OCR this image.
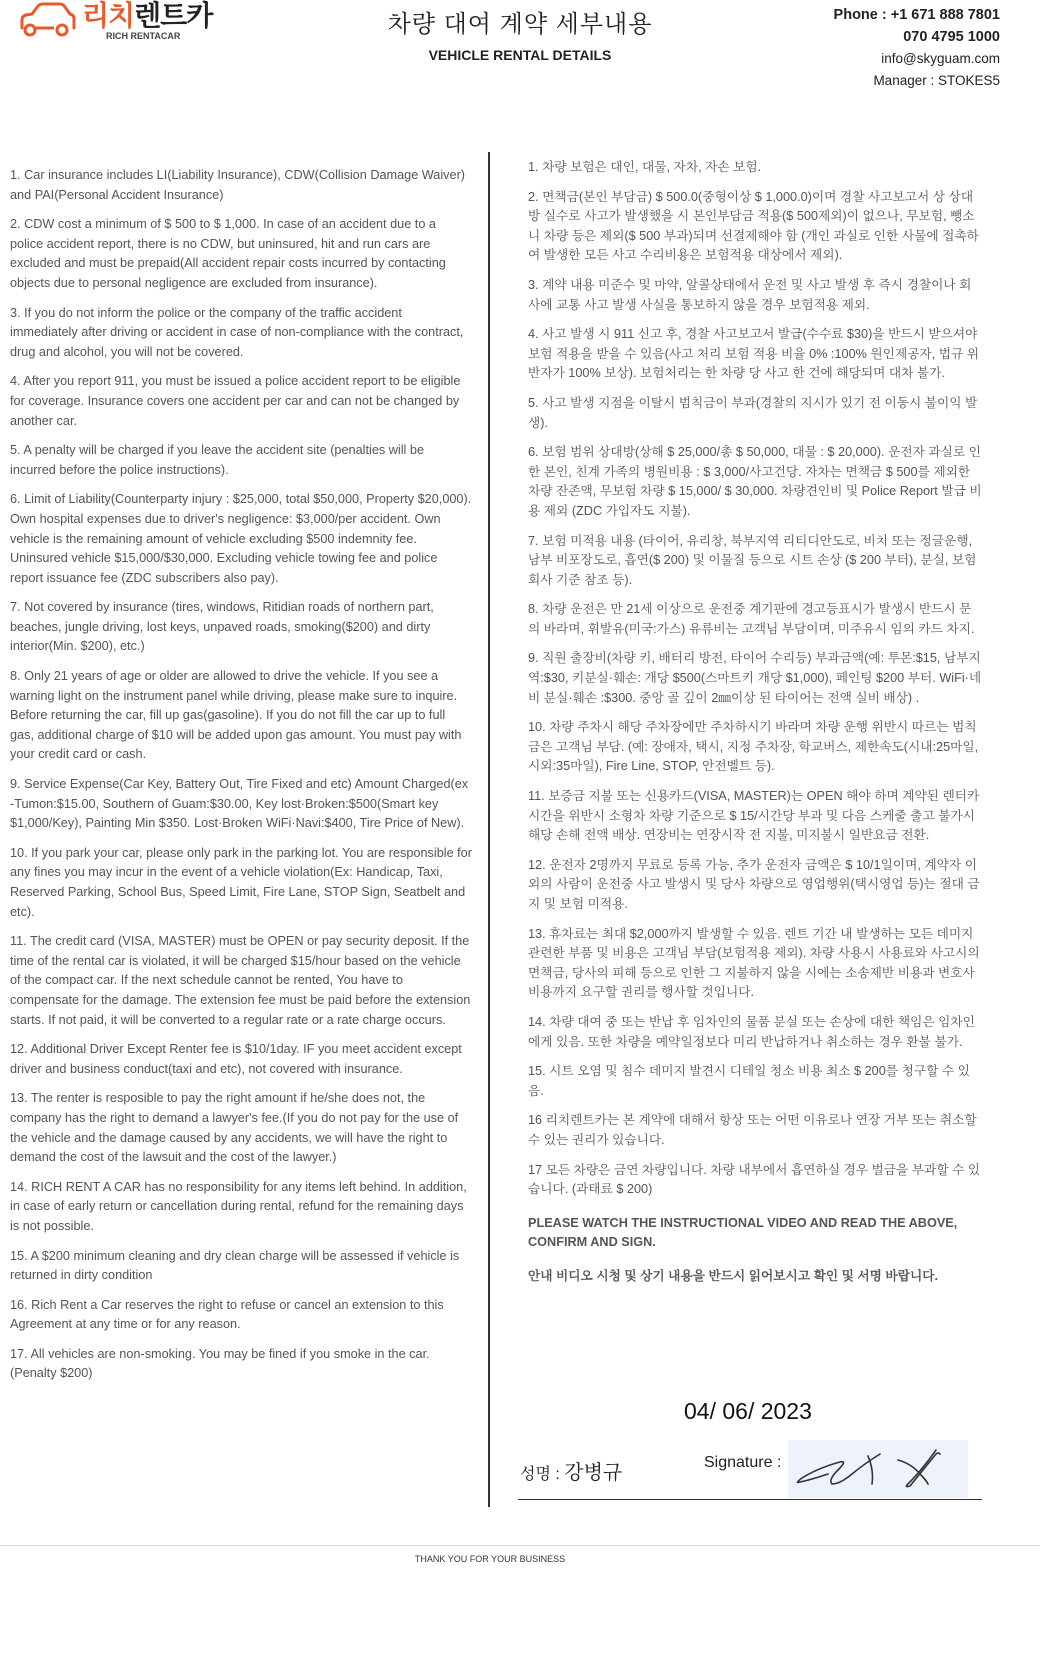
리치렌트카
RICH RENTACAR	차량 대여 계약 세부내용
VEHICLE RENTAL DETAILS
Phone : +1 671 888 7801
070 4795 1000
info@skyguam.com
Manager : STOKES5

1. Car insurance includes LI(Liability Insurance), CDW(Collision Damage Waiver) and PAI(Personal Accident Insurance)

2. CDW cost a minimum of $ 500 to $ 1,000. In case of an accident due to a police accident report, there is no CDW, but uninsured, hit and run cars are excluded and must be prepaid(All accident repair costs incurred by contacting objects due to personal negligence are excluded from insurance).

3. If you do not inform the police or the company of the traffic accident immediately after driving or accident in case of non-compliance with the contract, drug and alcohol, you will not be covered.

4. After you report 911, you must be issued a police accident report to be eligible for coverage. Insurance covers one accident per car and can not be changed by another car.

5. A penalty will be charged if you leave the accident site (penalties will be incurred before the police instructions).

6. Limit of Liability(Counterparty injury : $25,000, total $50,000, Property $20,000). Own hospital expenses due to driver's negligence: $3,000/per accident. Own vehicle is the remaining amount of vehicle excluding $500 indemnity fee. Uninsured vehicle $15,000/$30,000. Excluding vehicle towing fee and police report issuance fee (ZDC subscribers also pay).

7. Not covered by insurance (tires, windows, Ritidian roads of northern part, beaches, jungle driving, lost keys, unpaved roads, smoking($200) and dirty interior(Min. $200), etc.)

8. Only 21 years of age or older are allowed to drive the vehicle. If you see a warning light on the instrument panel while driving, please make sure to inquire. Before returning the car, fill up gas(gasoline). If you do not fill the car up to full gas, additional charge of $10 will be added upon gas amount. You must pay with your credit card or cash.

9. Service Expense(Car Key, Battery Out, Tire Fixed and etc) Amount Charged(ex -Tumon:$15.00, Southern of Guam:$30.00, Key lost·Broken:$500(Smart key $1,000/Key), Painting Min $350. Lost·Broken WiFi·Navi:$400, Tire Price of New).

10. If you park your car, please only park in the parking lot. You are responsible for any fines you may incur in the event of a vehicle violation(Ex: Handicap, Taxi, Reserved Parking, School Bus, Speed Limit, Fire Lane, STOP Sign, Seatbelt and etc).

11. The credit card (VISA, MASTER) must be OPEN or pay security deposit. If the time of the rental car is violated, it will be charged $15/hour based on the vehicle of the compact car. If the next schedule cannot be rented, You have to compensate for the damage. The extension fee must be paid before the extension starts. If not paid, it will be converted to a regular rate or a rate charge occurs.

12. Additional Driver Except Renter fee is $10/1day. IF you meet accident except driver and business conduct(taxi and etc), not covered with insurance.

13. The renter is resposible to pay the right amount if he/she does not, the company has the right to demand a lawyer's fee.(If you do not pay for the use of the vehicle and the damage caused by any accidents, we will have the right to demand the cost of the lawsuit and the cost of the lawyer.)

14. RICH RENT A CAR has no responsibility for any items left behind. In addition, in case of early return or cancellation during rental, refund for the remaining days is not possible.

15. A $200 minimum cleaning and dry clean charge will be assessed if vehicle is returned in dirty condition

16. Rich Rent a Car reserves the right to refuse or cancel an extension to this Agreement at any time or for any reason.

17. All vehicles are non-smoking. You may be fined if you smoke in the car. (Penalty $200)

1. 차량 보험은 대인, 대물, 자차, 자손 보험.

2. 면책금(본인 부담금) $ 500.0(중형이상 $ 1,000.0)이며 경찰 사고보고서 상 상대방 실수로 사고가 발생했을 시 본인부담금 적용($ 500제외)이 없으나, 무보험, 뺑소니 차량 등은 제외($ 500 부과)되며 선결제해야 함 (개인 과실로 인한 사물에 접촉하여 발생한 모든 사고 수리비용은 보험적용 대상에서 제외).

3. 계약 내용 미준수 및 마약, 알콜상태에서 운전 및 사고 발생 후 즉시 경찰이나 회사에 교통 사고 발생 사실을 통보하지 않을 경우 보험적용 제외.

4. 사고 발생 시 911 신고 후, 경찰 사고보고서 발급(수수료 $30)을 반드시 받으셔야 보험 적용을 받을 수 있음(사고 처리 보험 적용 비율 0% :100% 원인제공자, 법규 위반자가 100% 보상). 보험처리는 한 차량 당 사고 한 건에 해당되며 대차 불가.

5. 사고 발생 지점을 이탈시 범칙금이 부과(경찰의 지시가 있기 전 이동시 불이익 발생).

6. 보험 범위 상대방(상해 $ 25,000/총 $ 50,000, 대물 : $ 20,000). 운전자 과실로 인한 본인, 친계 가족의 병원비용 : $ 3,000/사고건당. 자차는 면책금 $ 500를 제외한 차량 잔존액, 무보험 차량 $ 15,000/ $ 30,000. 차량견인비 및 Police Report 발급 비용 제외 (ZDC 가입자도 지불).

7. 보험 미적용 내용 (타이어, 유리창, 북부지역 리티디안도로, 비치 또는 정글운행, 남부 비포장도로, 흡연($ 200) 및 이물질 등으로 시트 손상 ($ 200 부터), 분실, 보험회사 기준 참조 등).

8. 차량 운전은 만 21세 이상으로 운전중 계기판에 경고등표시가 발생시 반드시 문의 바라며, 휘발유(미국:가스) 유류비는 고객님 부담이며, 미주유시 임의 카드 차지.

9. 직원 출장비(차량 키, 배터리 방전, 타이어 수리등) 부과금액(예: 투몬:$15, 남부지역:$30, 키분실·훼손: 개당 $500(스마트키 개당 $1,000), 페인팅 $200 부터. WiFi·네비 분실·훼손 :$300. 중앙 골 깊이 2㎜이상 된 타이어는 전액 실비 배상) .

10. 차량 주차시 해당 주차장에만 주차하시기 바라며 차량 운행 위반시 따르는 범칙금은 고객님 부담. (예: 장애자, 택시, 지정 주차장, 학교버스, 제한속도(시내:25마일, 시외:35마일), Fire Line, STOP, 안전벨트 등).

11. 보증금 지불 또는 신용카드(VISA, MASTER)는 OPEN 해야 하며 계약된 렌터카 시간을 위반시 소형차 차량 기준으로 $ 15/시간당 부과 및 다음 스케줄 출고 불가시 해당 손해 전액 배상. 연장비는 연장시작 전 지불, 미지불시 일반요금 전환.

12. 운전자 2명까지 무료로 등록 가능, 추가 운전자 금액은 $ 10/1일이며, 계약자 이외의 사람이 운전중 사고 발생시 및 당사 차량으로 영업행위(택시영업 등)는 절대 금지 및 보험 미적용.

13. 휴차료는 최대 $2,000까지 발생할 수 있음. 렌트 기간 내 발생하는 모든 데미지 관련한 부품 및 비용은 고객님 부담(보험적용 제외). 차량 사용시 사용료와 사고시의 면책금, 당사의 피해 등으로 인한 그 지불하지 않을 시에는 소송제반 비용과 변호사 비용까지 요구할 권리를 행사할 것입니다.

14. 차량 대여 중 또는 반납 후 임차인의 물품 분실 또는 손상에 대한 책임은 임차인에게 있음. 또한 차량을 예약일정보다 미리 반납하거나 취소하는 경우 환불 불가.

15. 시트 오염 및 침수 데미지 발견시 디테일 청소 비용 최소 $ 200를 청구할 수 있음.

16 리치렌트카는 본 계약에 대해서 항상 또는 어떤 이유로나 연장 거부 또는 취소할 수 있는 권리가 있습니다.

17 모든 차량은 금연 차량입니다. 차량 내부에서 흡연하실 경우 벌금을 부과할 수 있습니다. (과태료 $ 200)

PLEASE WATCH THE INSTRUCTIONAL VIDEO AND READ THE ABOVE, CONFIRM AND SIGN.

안내 비디오 시청 및 상기 내용을 반드시 읽어보시고 확인 및 서명 바랍니다.

04/ 06/ 2023
성명 : 강병규	Signature :
THANK YOU FOR YOUR BUSINESS
